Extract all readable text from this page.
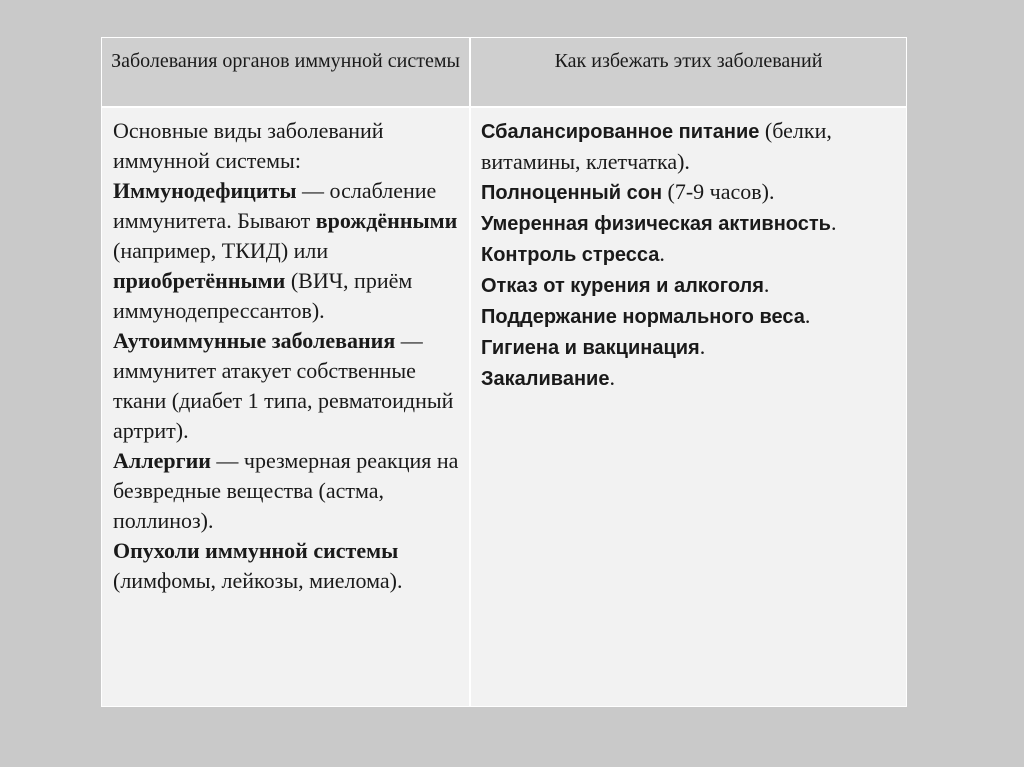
Заболевания органов иммунной системы	Как избежать этих заболеваний

Основные виды заболеваний иммунной системы:
Иммунодефициты — ослабление иммунитета. Бывают врождёнными (например, ТКИД) или приобретёнными (ВИЧ, приём иммунодепрессантов).
Аутоиммунные заболевания — иммунитет атакует собственные ткани (диабет 1 типа, ревматоидный артрит).
Аллергии — чрезмерная реакция на безвредные вещества (астма, поллиноз).
Опухоли иммунной системы (лимфомы, лейкозы, миелома).

Сбалансированное питание (белки, витамины, клетчатка).
Полноценный сон (7-9 часов).
Умеренная физическая активность.
Контроль стресса.
Отказ от курения и алкоголя.
Поддержание нормального веса.
Гигиена и вакцинация.
Закаливание.
